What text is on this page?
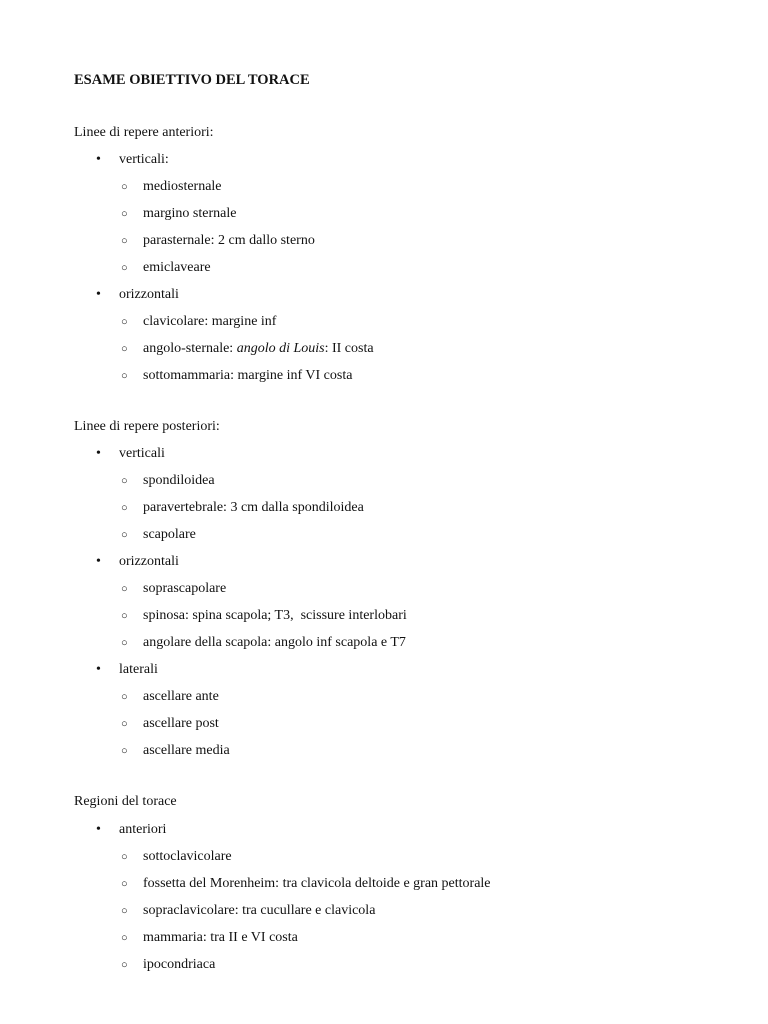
ESAME OBIETTIVO DEL TORACE
Linee di repere anteriori:
• verticali:
○ mediosternale
○ margino sternale
○ parasternale: 2 cm dallo sterno
○ emiclaveare
• orizzontali
○ clavicolare: margine inf
○ angolo-sternale: angolo di Louis: II costa
○ sottomammaria: margine inf VI costa
Linee di repere posteriori:
• verticali
○ spondiloidea
○ paravertebrale: 3 cm dalla spondiloidea
○ scapolare
• orizzontali
○ soprascapolare
○ spinosa: spina scapola; T3,  scissure interlobari
○ angolare della scapola: angolo inf scapola e T7
• laterali
○ ascellare ante
○ ascellare post
○ ascellare media
Regioni del torace
• anteriori
○ sottoclavicolare
○ fossetta del Morenheim: tra clavicola deltoide e gran pettorale
○ sopraclavicolare: tra cucullare e clavicola
○ mammaria: tra II e VI costa
○ ipocondriaca
